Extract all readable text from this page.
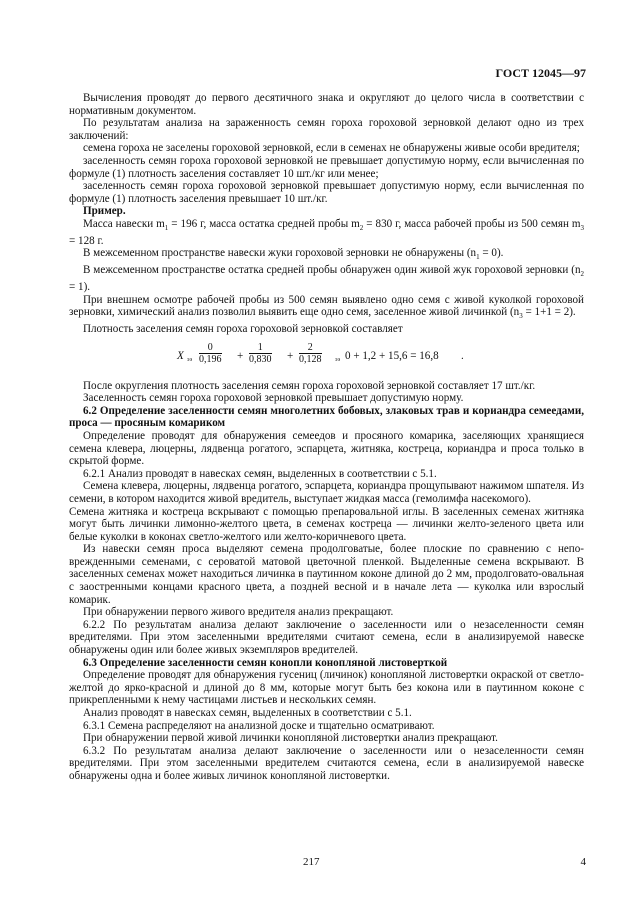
ГОСТ 12045—97

Вычисления проводят до первого десятичного знака и округляют до целого числа в соответствии с нормативным документом.

По результатам анализа на зараженность семян гороха гороховой зерновкой делают одно из трех заключений:

семена гороха не заселены гороховой зерновкой, если в семенах не обнаружены живые особи вредителя;

заселенность семян гороха гороховой зерновкой не превышает допустимую норму, если вычисленная по формуле (1) плотность заселения составляет 10 шт./кг или менее;

заселенность семян гороха гороховой зерновкой превышает допустимую норму, если вычисленная по формуле (1) плотность заселения превышает 10 шт./кг.

Пример.

Масса навески $m_1 = 196$ г, масса остатка средней пробы $m_2 = 830$ г, масса рабочей пробы из 500 семян $m_3 = 128$ г.

В межсеменном пространстве навески жуки гороховой зерновки не обнаружены $(n_1 = 0)$.

В межсеменном пространстве остатка средней пробы обнаружен один живой жук гороховой зерновки $(n_2 = 1)$.

При внешнем осмотре рабочей пробы из 500 семян выявлено одно семя с живой куколкой гороховой зерновки, химический анализ позволил выявить еще одно семя, заселенное живой личинкой $(n_3 = 1+1 = 2)$.

Плотность заселения семян гороха гороховой зерновкой составляет

X ээ $\frac{0}{0,196} + \frac{1}{0,830} + \frac{2}{0,128}$ ээ 0 + 1,2 + 15,6 = 16,8 .

После округления плотность заселения семян гороха гороховой зерновкой составляет 17 шт./кг.

Заселенность семян гороха гороховой зерновкой превышает допустимую норму.

6.2 Определение заселенности семян многолетних бобовых, злаковых трав и кориандра семеедами, проса — просяным комариком

Определение проводят для обнаружения семеедов и просяного комарика, заселяющих хранящиеся семена клевера, люцерны, лядвенца рогатого, эспарцета, житняка, костреца, кориандра и проса только в скрытой форме.

6.2.1 Анализ проводят в навесках семян, выделенных в соответствии с 5.1.

Семена клевера, люцерны, лядвенца рогатого, эспарцета, кориандра прощупывают нажимом шпателя. Из семени, в котором находится живой вредитель, выступает жидкая масса (гемолимфа насекомого).

Семена житняка и костреца вскрывают с помощью препаровальной иглы. В заселенных семенах житняка могут быть личинки лимонно-желтого цвета, в семенах костреца — личинки желто-зеленого цвета или белые куколки в коконах светло-желтого или желто-коричневого цвета.

Из навески семян проса выделяют семена продолговатые, более плоские по сравнению с неповрежденными семенами, с сероватой матовой цветочной пленкой. Выделенные семена вскрывают. В заселенных семенах может находиться личинка в паутинном коконе длиной до 2 мм, продолговато-овальная с заостренными концами красного цвета, а поздней весной и в начале лета — куколка или взрослый комарик.

При обнаружении первого живого вредителя анализ прекращают.

6.2.2 По результатам анализа делают заключение о заселенности или о незаселенности семян вредителями. При этом заселенными вредителями считают семена, если в анализируемой навеске обнаружены один или более живых экземпляров вредителей.

6.3 Определение заселенности семян конопли конопляной листоверткой

Определение проводят для обнаружения гусениц (личинок) конопляной листовертки окраской от светло-желтой до ярко-красной и длиной до 8 мм, которые могут быть без кокона или в паутинном коконе с прикрепленными к нему частицами листьев и нескольких семян.

Анализ проводят в навесках семян, выделенных в соответствии с 5.1.

6.3.1 Семена распределяют на анализной доске и тщательно осматривают.

При обнаружении первой живой личинки конопляной листовертки анализ прекращают.

6.3.2 По результатам анализа делают заключение о заселенности или о незаселенности семян вредителями. При этом заселенными вредителем считаются семена, если в анализируемой навеске обнаружены одна и более живых личинок конопляной листовертки.

217	4
